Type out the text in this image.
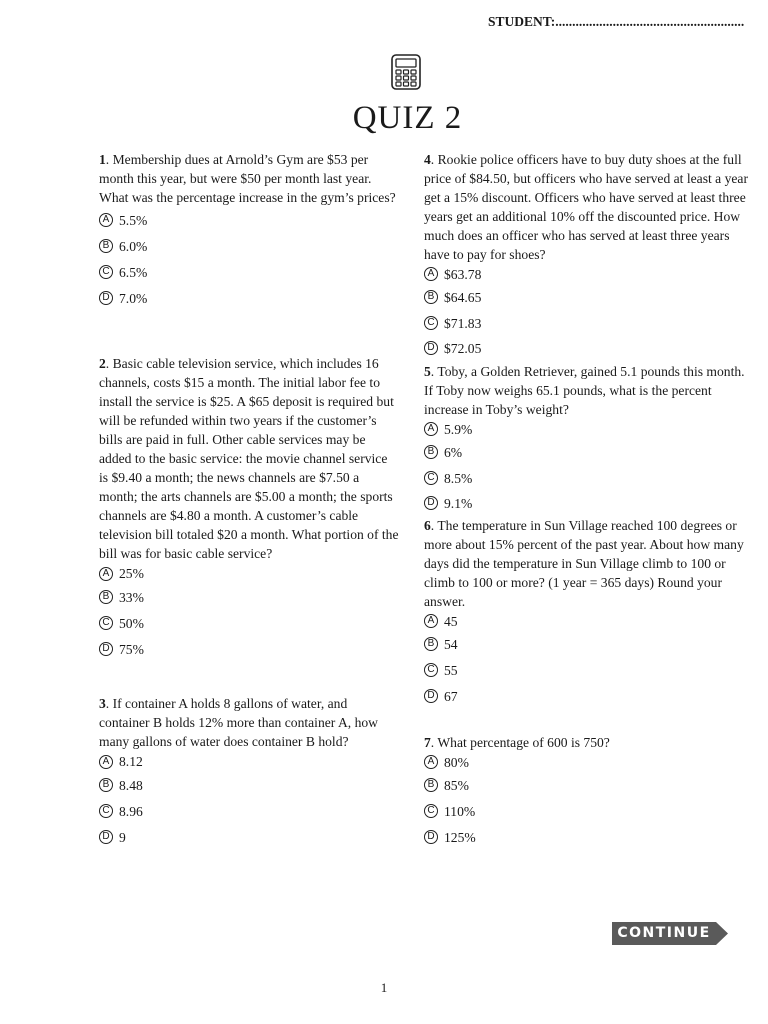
STUDENT:........................................................
QUIZ 2

1. Membership dues at Arnold’s Gym are $53 per month this year, but were $50 per month last year. What was the percentage increase in the gym’s prices?

A 5.5%
B 6.0%
C 6.5%
D 7.0%

2. Basic cable television service, which includes 16 channels, costs $15 a month. The initial labor fee to install the service is $25. A $65 deposit is required but will be refunded within two years if the customer’s bills are paid in full. Other cable services may be added to the basic service: the movie channel service is $9.40 a month; the news channels are $7.50 a month; the arts channels are $5.00 a month; the sports channels are $4.80 a month. A customer’s cable television bill totaled $20 a month. What portion of the bill was for basic cable service?

A 25%
B 33%
C 50%
D 75%

3. If container A holds 8 gallons of water, and container B holds 12% more than container A, how many gallons of water does container B hold?

A 8.12
B 8.48
C 8.96
D 9

4. Rookie police officers have to buy duty shoes at the full price of $84.50, but officers who have served at least a year get a 15% discount. Officers who have served at least three years get an additional 10% off the discounted price. How much does an officer who has served at least three years have to pay for shoes?

A $63.78
B $64.65
C $71.83
D $72.05

5. Toby, a Golden Retriever, gained 5.1 pounds this month. If Toby now weighs 65.1 pounds, what is the percent increase in Toby’s weight?

A 5.9%
B 6%
C 8.5%
D 9.1%

6. The temperature in Sun Village reached 100 degrees or more about 15% percent of the past year. About how many days did the temperature in Sun Village climb to 100 or climb to 100 or more? (1 year = 365 days) Round your answer.

A 45
B 54
C 55
D 67

7. What percentage of 600 is 750?

A 80%
B 85%
C 110%
D 125%
CONTINUE
1
